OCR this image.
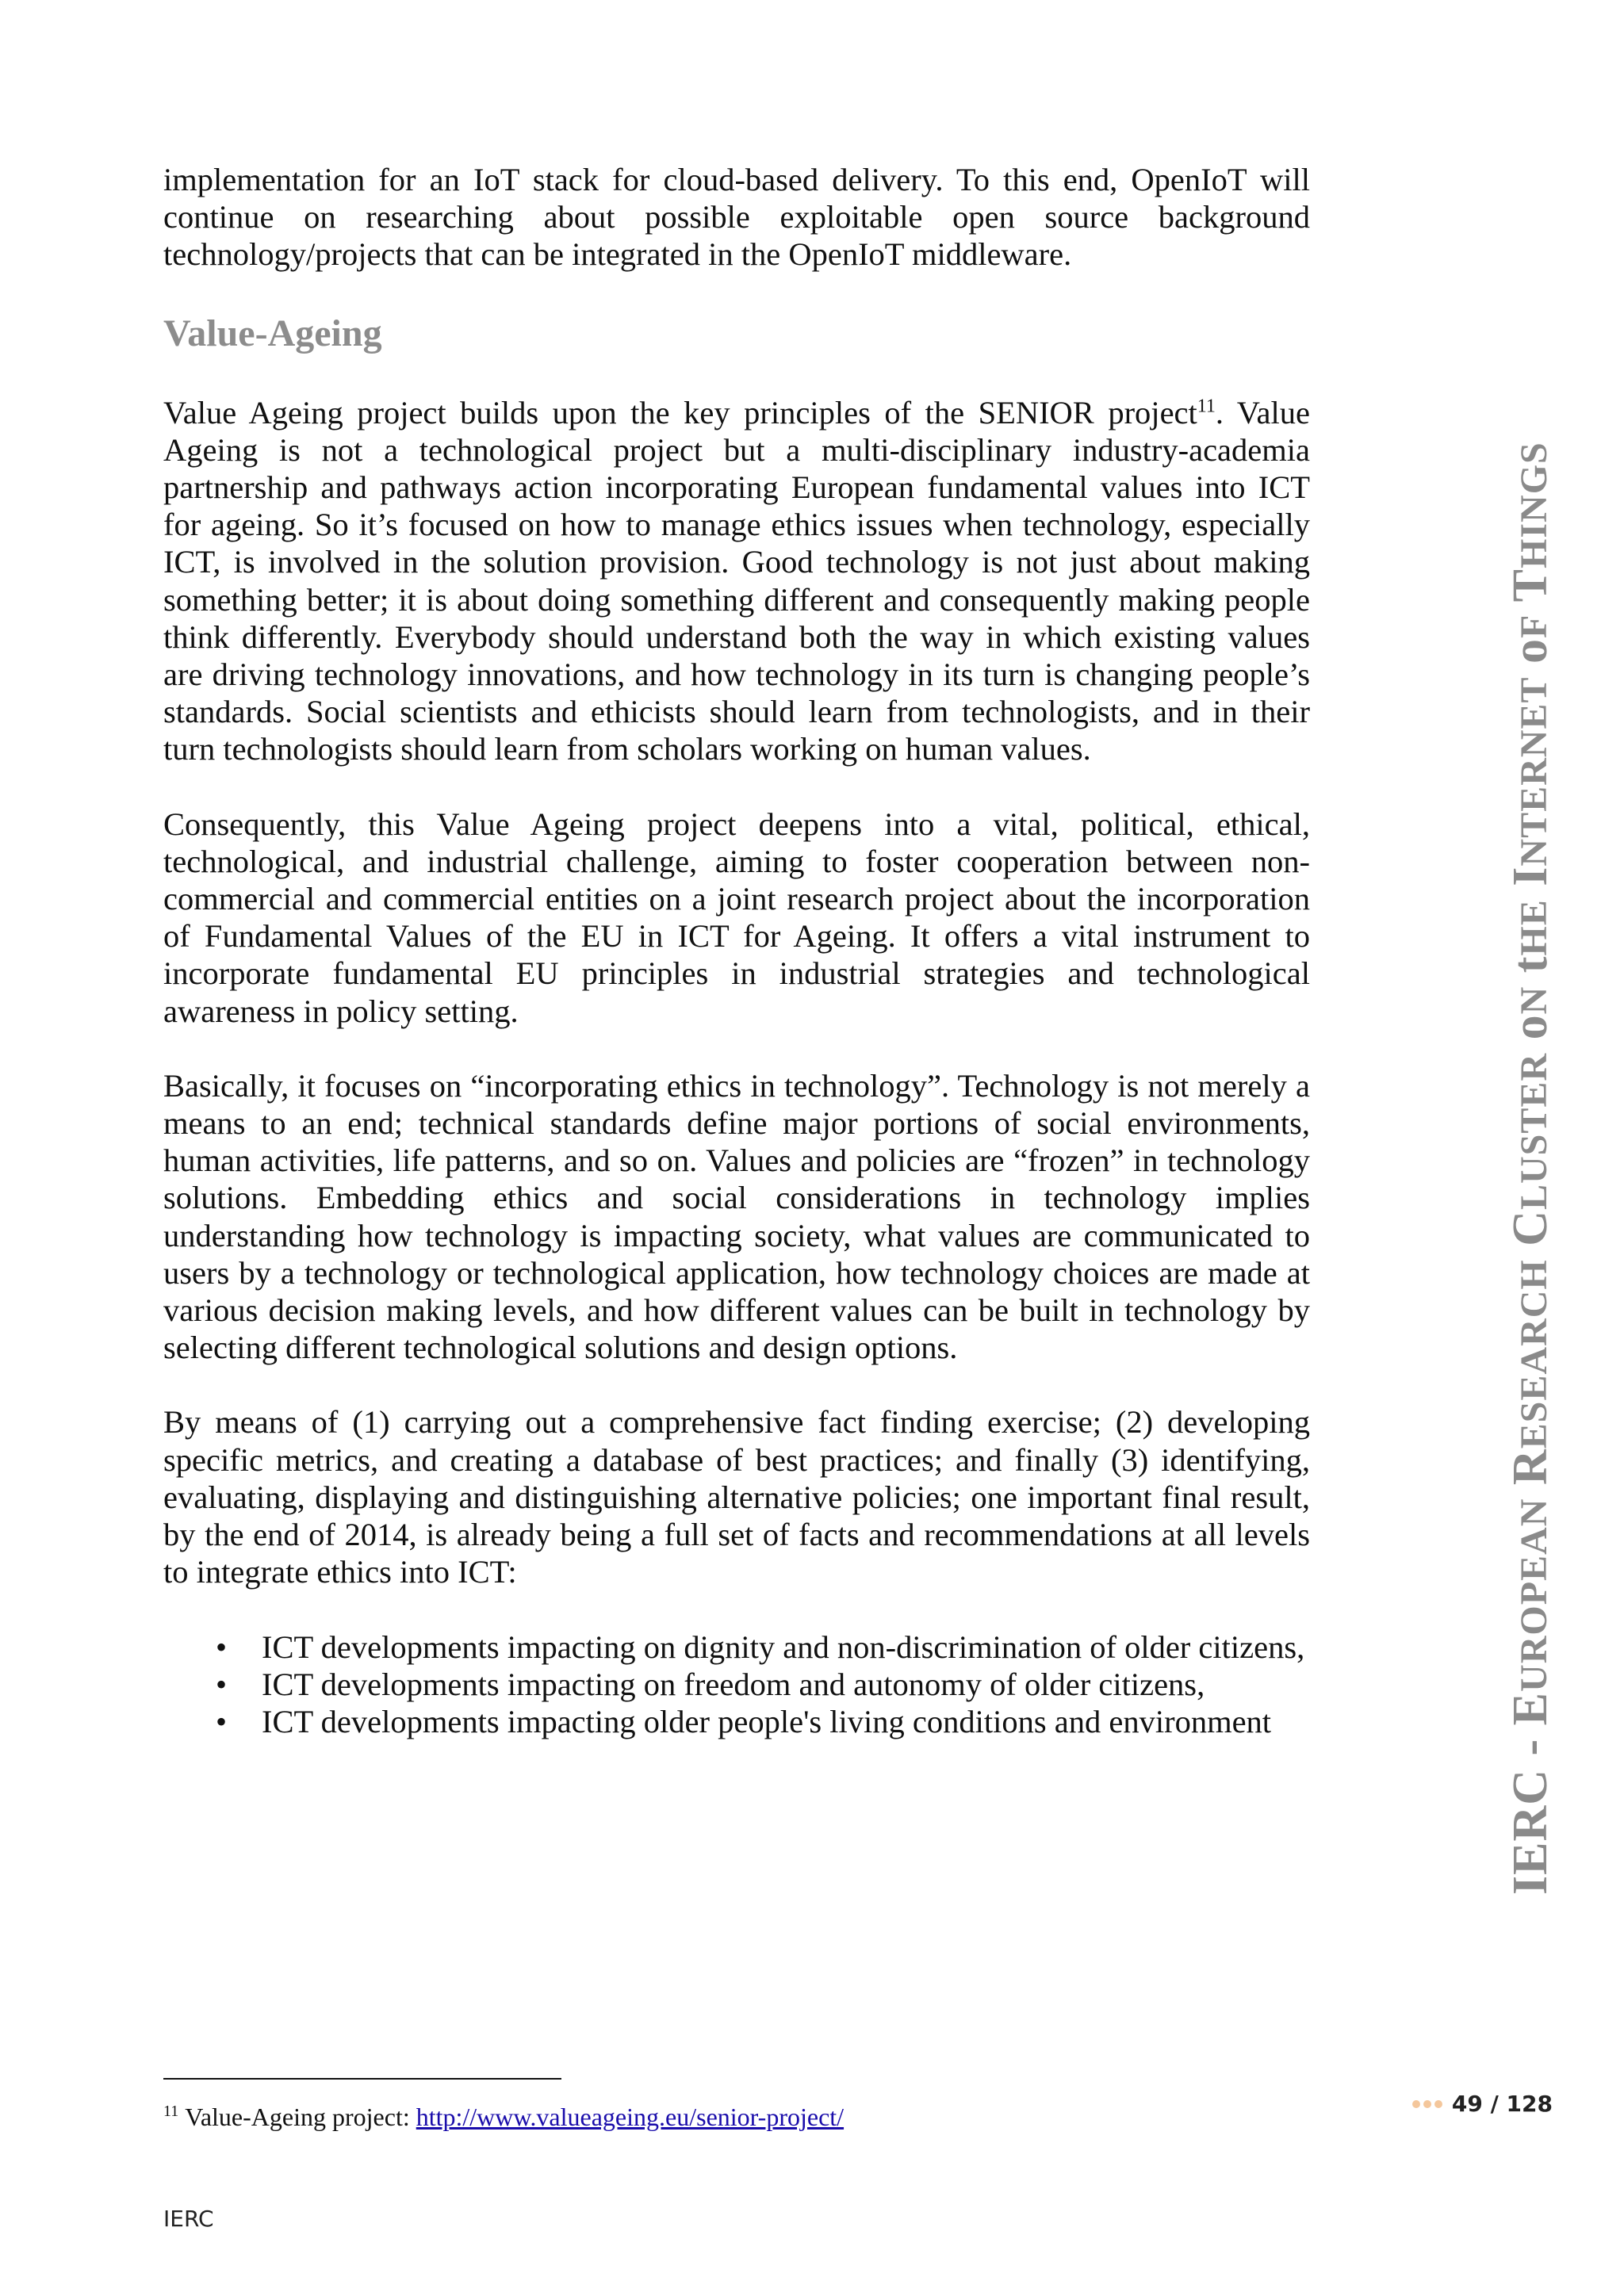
implementation for an IoT stack for cloud-based delivery. To this end, OpenIoT will continue on researching about possible exploitable open source background technology/projects that can be integrated in the OpenIoT middleware.

Value-Ageing

Value Ageing project builds upon the key principles of the SENIOR project$^{11}$. Value Ageing is not a technological project but a multi-disciplinary industry-academia partnership and pathways action incorporating European fundamental values into ICT for ageing. So it’s focused on how to manage ethics issues when technology, especially ICT, is involved in the solution provision. Good technology is not just about making something better; it is about doing something different and consequently making people think differently. Everybody should understand both the way in which existing values are driving technology innovations, and how technology in its turn is changing people’s standards. Social scientists and ethicists should learn from technologists, and in their turn technologists should learn from scholars working on human values.

Consequently, this Value Ageing project deepens into a vital, political, ethical, technological, and industrial challenge, aiming to foster cooperation between non-commercial and commercial entities on a joint research project about the incorporation of Fundamental Values of the EU in ICT for Ageing. It offers a vital instrument to incorporate fundamental EU principles in industrial strategies and technological awareness in policy setting.

Basically, it focuses on “incorporating ethics in technology”. Technology is not merely a means to an end; technical standards define major portions of social environments, human activities, life patterns, and so on. Values and policies are “frozen” in technology solutions. Embedding ethics and social considerations in technology implies understanding how technology is impacting society, what values are communicated to users by a technology or technological application, how technology choices are made at various decision making levels, and how different values can be built in technology by selecting different technological solutions and design options.

By means of (1) carrying out a comprehensive fact finding exercise; (2) developing specific metrics, and creating a database of best practices; and finally (3) identifying, evaluating, displaying and distinguishing alternative policies; one important final result, by the end of 2014, is already being a full set of facts and recommendations at all levels to integrate ethics into ICT:

• ICT developments impacting on dignity and non-discrimination of older citizens,
• ICT developments impacting on freedom and autonomy of older citizens,
• ICT developments impacting older people's living conditions and environment
$^{11}$ Value-Ageing project: http://www.valueageing.eu/senior-project/	49 / 128
IERC
IERC - EUROPEAN RESEARCH CLUSTER oN tHE INTERNET oF THINGS
